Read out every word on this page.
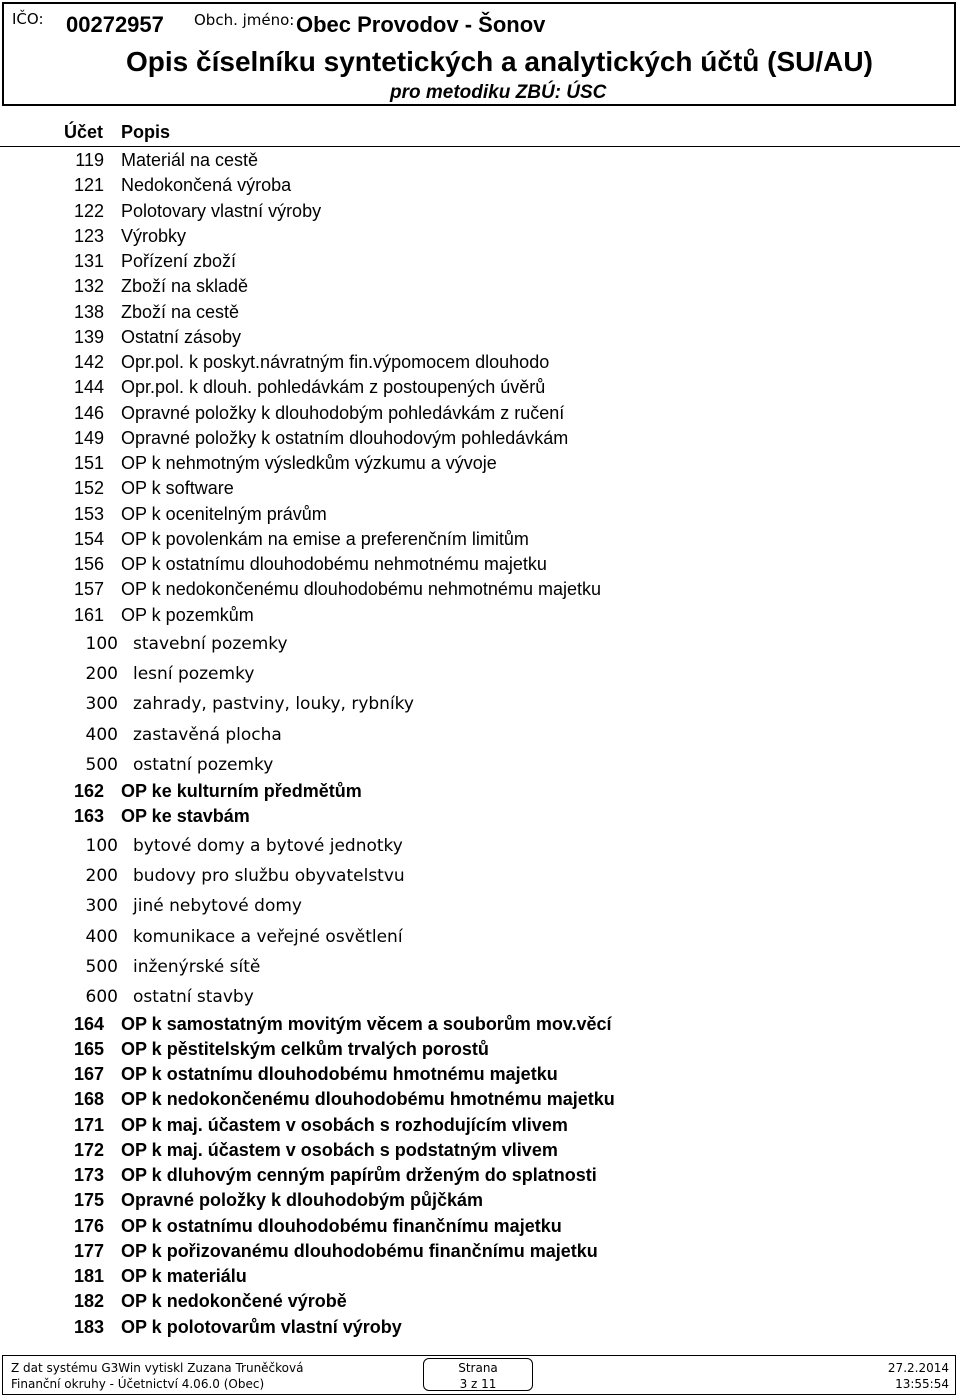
IČO: 00272957 Obch. jméno: Obec Provodov - Šonov
Opis číselníku syntetických a analytických účtů (SU/AU)
pro metodiku ZBÚ: ÚSC
Účet Popis
119 Materiál na cestě
121 Nedokončená výroba
122 Polotovary vlastní výroby
123 Výrobky
131 Pořízení zboží
132 Zboží na skladě
138 Zboží na cestě
139 Ostatní zásoby
142 Opr.pol. k poskyt.návratným fin.výpomocem dlouhodo
144 Opr.pol. k dlouh. pohledávkám z postoupených úvěrů
146 Opravné položky k dlouhodobým pohledávkám z ručení
149 Opravné položky k ostatním dlouhodovým pohledávkám
151 OP k nehmotným výsledkům výzkumu a vývoje
152 OP k software
153 OP k ocenitelným právům
154 OP k povolenkám na emise a preferenčním limitům
156 OP k ostatnímu dlouhodobému nehmotnému majetku
157 OP k nedokončenému dlouhodobému nehmotnému majetku
161 OP k pozemkům
100 stavební pozemky
200 lesní pozemky
300 zahrady, pastviny, louky, rybníky
400 zastavěná plocha
500 ostatní pozemky
162 OP ke kulturním předmětům
163 OP ke stavbám
100 bytové domy a bytové jednotky
200 budovy pro službu obyvatelstvu
300 jiné nebytové domy
400 komunikace a veřejné osvětlení
500 inženýrské sítě
600 ostatní stavby
164 OP k samostatným movitým věcem a souborům mov.věcí
165 OP k pěstitelským celkům trvalých porostů
167 OP k ostatnímu dlouhodobému hmotnému majetku
168 OP k nedokončenému dlouhodobému hmotnému majetku
171 OP k maj. účastem v osobách s rozhodujícím vlivem
172 OP k maj. účastem v osobách s podstatným vlivem
173 OP k dluhovým cenným papírům drženým do splatnosti
175 Opravné položky k dlouhodobým půjčkám
176 OP k ostatnímu dlouhodobému finančnímu majetku
177 OP k pořizovanému dlouhodobému finančnímu majetku
181 OP k materiálu
182 OP k nedokončené výrobě
183 OP k polotovarům vlastní výroby
Z dat systému G3Win vytiskl Zuzana Truněčková
Finanční okruhy - Účetnictví 4.06.0 (Obec)
Strana
3 z 11
27.2.2014
13:55:54
